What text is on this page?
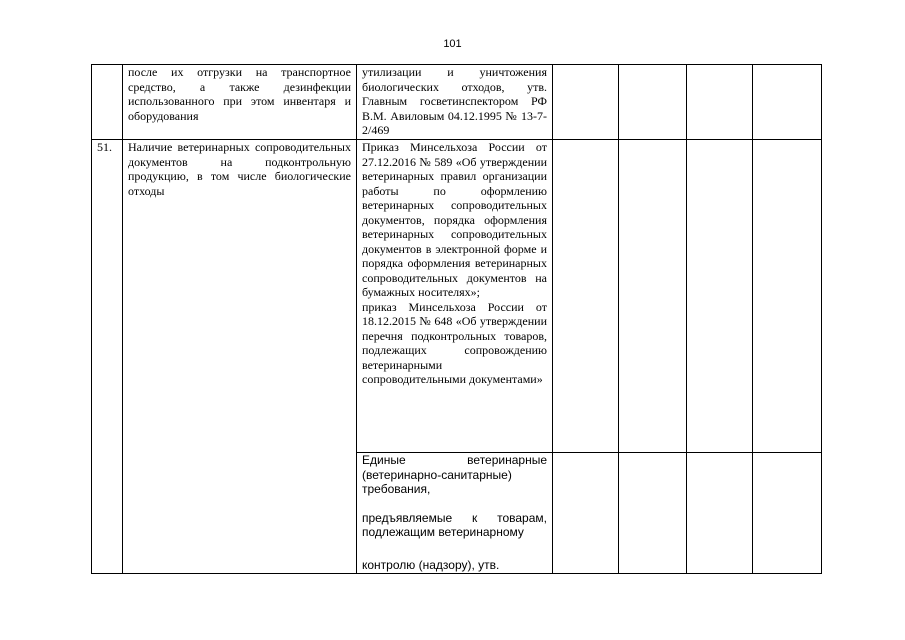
101
	после их отгрузки на транспортное средство, а также дезинфекции использованного при этом инвентаря и оборудования	утилизации и уничтожения биологических отходов, утв. Главным госветинспектором РФ В.М. Авиловым 04.12.1995 № 13-7-2/469				
51.	Наличие ветеринарных сопроводительных документов на подконтрольную продукцию, в том числе биологические отходы	Приказ Минсельхоза России от 27.12.2016 № 589 «Об утверждении ветеринарных правил организации работы по оформлению ветеринарных сопроводительных документов, порядка оформления ветеринарных сопроводительных документов в электронной форме и порядка оформления ветеринарных сопроводительных документов на бумажных носителях»;
приказ Минсельхоза России от 18.12.2015 № 648 «Об утверждении перечня подконтрольных товаров, подлежащих сопровождению ветеринарными сопроводительными документами»				

		Единые ветеринарные (ветеринарно-санитарные) требования,
предъявляемые к товарам, подлежащим ветеринарному
контролю (надзору), утв.				
